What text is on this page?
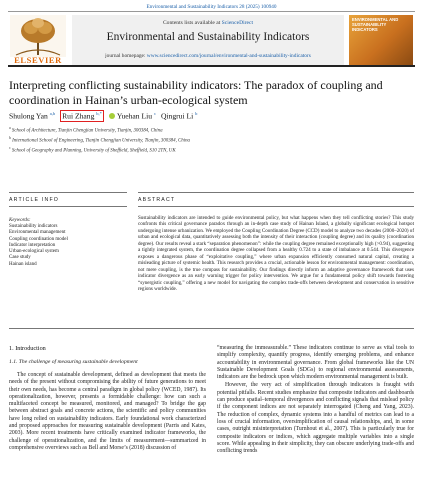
Environmental and Sustainability Indicators 28 (2025) 100940
ELSEVIER
Contents lists available at ScienceDirect
Environmental and Sustainability Indicators
journal homepage: www.sciencedirect.com/journal/environmental-and-sustainability-indicators
ENVIRONMENTAL AND SUSTAINABILITY INDICATORS
Interpreting conflicting sustainability indicators: The paradox of coupling and coordination in Hainan’s urban-ecological system
Shulong Yan $^{a,b}$ Rui Zhang $^{b,*}$ Yuehan Liu $^c$ Qingrui Li $^b$
$^a$ School of Architecture, Tianjin Chengjian University, Tianjin, 300384, China
$^b$ International School of Engineering, Tianjin Chengjian University, Tianjin, 300384, China
$^c$ School of Geography and Planning, University of Sheffield, Sheffield, S10 2TN, UK
ARTICLE INFO	ABSTRACT
Keywords:
Sustainability indicators
Environmental management
Coupling coordination model
Indicator interpretation
Urban-ecological system
Case study
Hainan island
Sustainability indicators are intended to guide environmental policy, but what happens when they tell conflicting stories? This study confronts this critical governance paradox through an in-depth case study of Hainan Island, a globally significant ecological hotspot undergoing intense urbanization. We employed the Coupling Coordination Degree (CCD) model to analyze two decades (2000–2020) of urban and ecological data, quantitatively assessing both the intensity of their interaction (coupling degree) and its quality (coordination degree). Our results reveal a stark “separation phenomenon”: while the coupling degree remained exceptionally high (>0.94), suggesting a tightly integrated system, the coordination degree collapsed from a healthy 0.724 to a state of imbalance at 0.544. This divergence exposes a dangerous phase of “exploitative coupling,” where urban expansion efficiently consumed natural capital, creating a misleading picture of systemic health. This research provides a crucial, actionable lesson for environmental management: coordination, not mere coupling, is the true compass for sustainability. Our findings directly inform an adaptive governance framework that uses indicator divergence as an early warning trigger for policy intervention. We argue for a fundamental policy shift towards fostering “synergistic coupling,” offering a new model for navigating the complex trade-offs between development and conservation in sensitive regions worldwide.
1. Introduction
1.1. The challenge of measuring sustainable development
The concept of sustainable development, defined as development that meets the needs of the present without compromising the ability of future generations to meet their own needs, has become a central paradigm in global policy (WCED, 1987). Its operationalization, however, presents a formidable challenge: how can such a multifaceted concept be measured, monitored, and managed? To bridge the gap between abstract goals and concrete actions, the scientific and policy communities have long relied on sustainability indicators. Early foundational work characterized and proposed approaches for measuring sustainable development (Parris and Kates, 2003). More recent treatments have critically examined indicator frameworks, the challenge of operationalization, and the limits of measurement—summarized in comprehensive overviews such as Bell and Morse’s (2018) discussion of

“measuring the immeasurable.” These indicators continue to serve as vital tools to simplify complexity, quantify progress, identify emerging problems, and enhance accountability in environmental governance. From global frameworks like the UN Sustainable Development Goals (SDGs) to regional environmental assessments, indicators are the bedrock upon which modern environmental management is built.

However, the very act of simplification through indicators is fraught with potential pitfalls. Recent studies emphasize that composite indicators and dashboards can produce spatial–temporal divergences and conflicting signals that mislead policy if the component indices are not separately interrogated (Cheng and Yang, 2023). The reduction of complex, dynamic systems into a handful of metrics can lead to a loss of crucial information, oversimplification of causal relationships, and, in some cases, outright misinterpretation (Turnhout et al., 2007). This is particularly true for composite indicators or indices, which aggregate multiple variables into a single score. While appealing in their simplicity, they can obscure underlying trade-offs and conflicting trends
